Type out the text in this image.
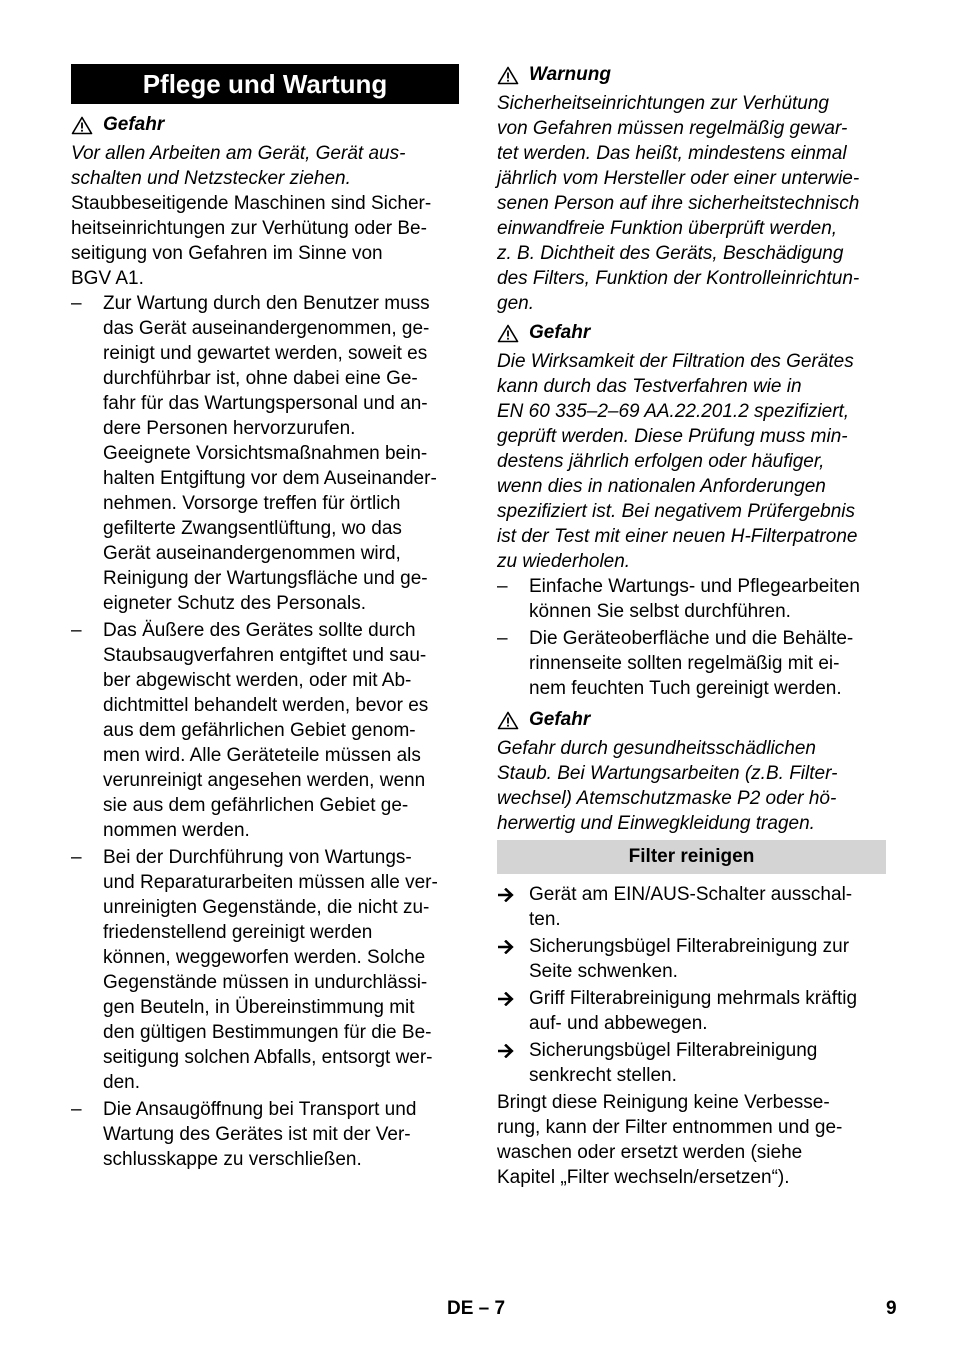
Pflege und Wartung
Gefahr
Vor allen Arbeiten am Gerät, Gerät aus-
schalten und Netzstecker ziehen.
Staubbeseitigende Maschinen sind Sicher-
heitseinrichtungen zur Verhütung oder Be-
seitigung von Gefahren im Sinne von
BGV A1.
– Zur Wartung durch den Benutzer muss
das Gerät auseinandergenommen, ge-
reinigt und gewartet werden, soweit es
durchführbar ist, ohne dabei eine Ge-
fahr für das Wartungspersonal und an-
dere Personen hervorzurufen.
Geeignete Vorsichtsmaßnahmen bein-
halten Entgiftung vor dem Auseinander-
nehmen. Vorsorge treffen für örtlich
gefilterte Zwangsentlüftung, wo das
Gerät auseinandergenommen wird,
Reinigung der Wartungsfläche und ge-
eigneter Schutz des Personals.
– Das Äußere des Gerätes sollte durch
Staubsaugverfahren entgiftet und sau-
ber abgewischt werden, oder mit Ab-
dichtmittel behandelt werden, bevor es
aus dem gefährlichen Gebiet genom-
men wird. Alle Geräteteile müssen als
verunreinigt angesehen werden, wenn
sie aus dem gefährlichen Gebiet ge-
nommen werden.
– Bei der Durchführung von Wartungs-
und Reparaturarbeiten müssen alle ver-
unreinigten Gegenstände, die nicht zu-
friedenstellend gereinigt werden
können, weggeworfen werden. Solche
Gegenstände müssen in undurchlässi-
gen Beuteln, in Übereinstimmung mit
den gültigen Bestimmungen für die Be-
seitigung solchen Abfalls, entsorgt wer-
den.
– Die Ansaugöffnung bei Transport und
Wartung des Gerätes ist mit der Ver-
schlusskappe zu verschließen.
Warnung
Sicherheitseinrichtungen zur Verhütung
von Gefahren müssen regelmäßig gewar-
tet werden. Das heißt, mindestens einmal
jährlich vom Hersteller oder einer unterwie-
senen Person auf ihre sicherheitstechnisch
einwandfreie Funktion überprüft werden,
z. B. Dichtheit des Geräts, Beschädigung
des Filters, Funktion der Kontrolleinrichtun-
gen.
Gefahr
Die Wirksamkeit der Filtration des Gerätes
kann durch das Testverfahren wie in
EN 60 335–2–69 AA.22.201.2 spezifiziert,
geprüft werden. Diese Prüfung muss min-
destens jährlich erfolgen oder häufiger,
wenn dies in nationalen Anforderungen
spezifiziert ist. Bei negativem Prüfergebnis
ist der Test mit einer neuen H-Filterpatrone
zu wiederholen.
– Einfache Wartungs- und Pflegearbeiten
können Sie selbst durchführen.
– Die Geräteoberfläche und die Behälte-
rinnenseite sollten regelmäßig mit ei-
nem feuchten Tuch gereinigt werden.
Gefahr
Gefahr durch gesundheitsschädlichen
Staub. Bei Wartungsarbeiten (z.B. Filter-
wechsel) Atemschutzmaske P2 oder hö-
herwertig und Einwegkleidung tragen.
Filter reinigen
Gerät am EIN/AUS-Schalter ausschal-
ten.
Sicherungsbügel Filterabreinigung zur
Seite schwenken.
Griff Filterabreinigung mehrmals kräftig
auf- und abbewegen.
Sicherungsbügel Filterabreinigung
senkrecht stellen.
Bringt diese Reinigung keine Verbesse-
rung, kann der Filter entnommen und ge-
waschen oder ersetzt werden (siehe
Kapitel „Filter wechseln/ersetzen“).
DE – 7	9
